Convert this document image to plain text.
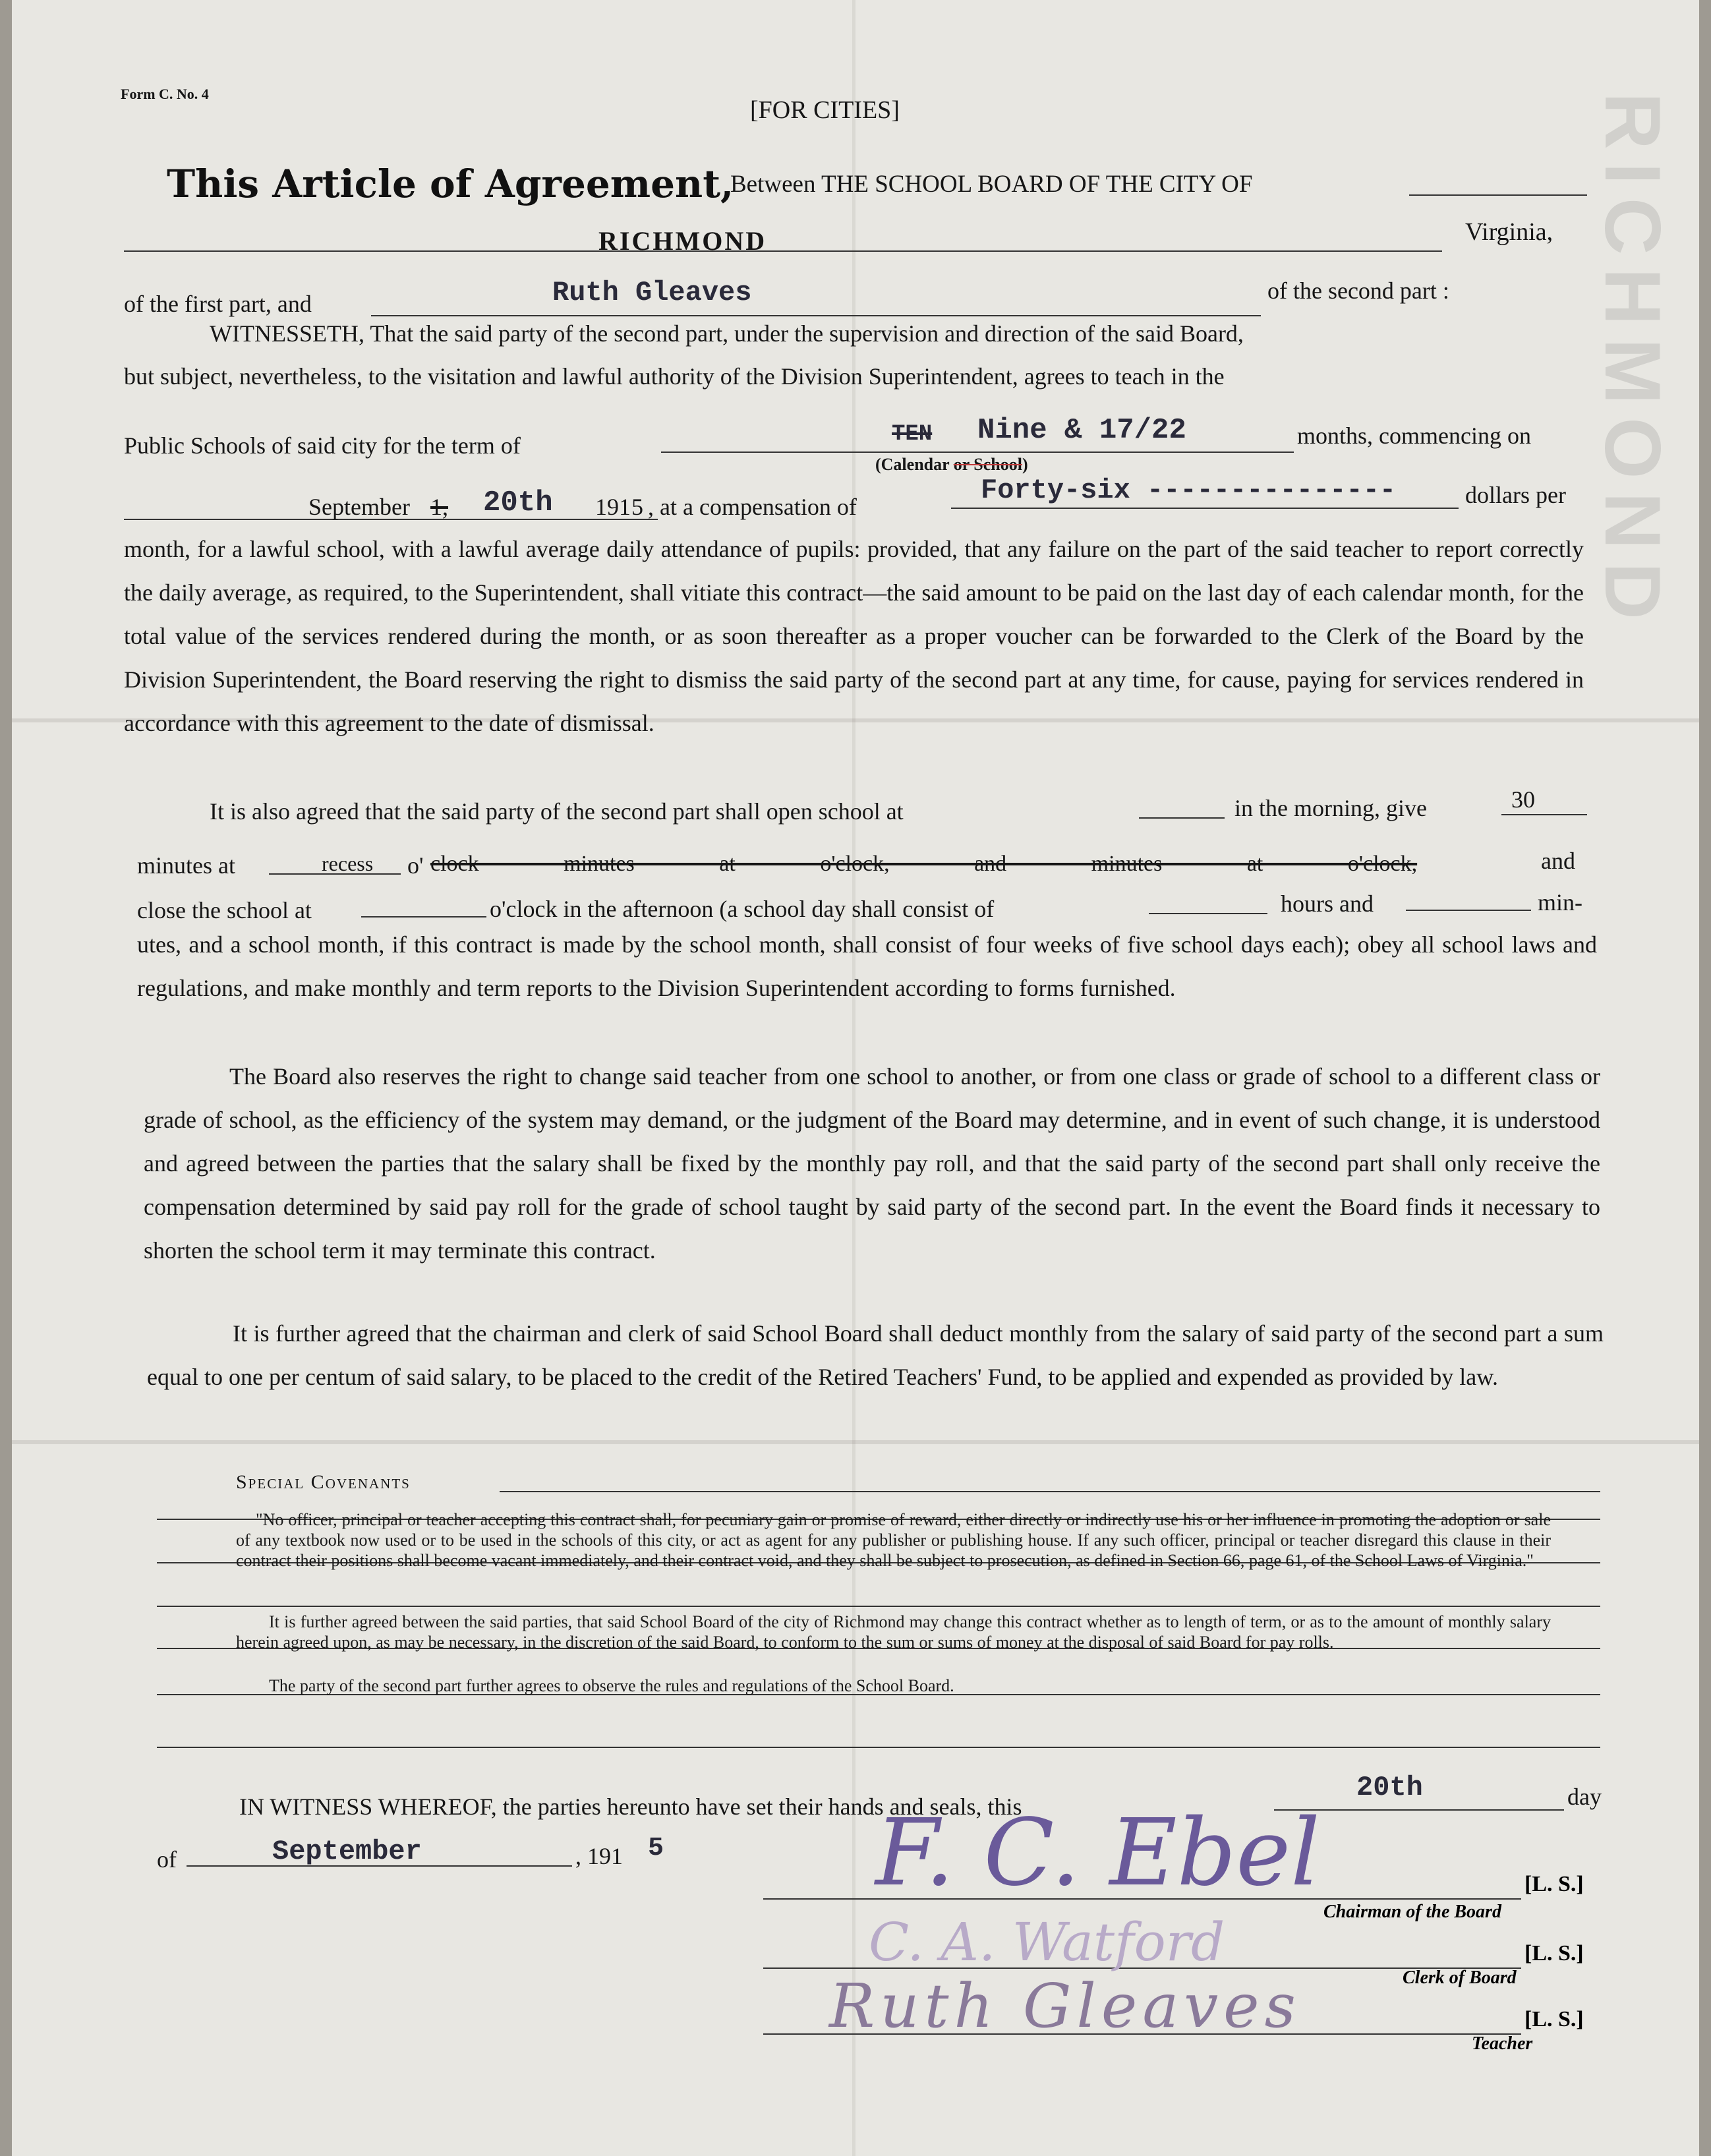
RICHMOND
Form C. No. 4
[FOR CITIES]
This Article of Agreement,
Between THE SCHOOL BOARD OF THE CITY OF
RICHMOND	Virginia,
of the first part, and	Ruth Gleaves	of the second part :
WITNESSETH, That the said party of the second part, under the supervision and direction of the said Board,
but subject, nevertheless, to the visitation and lawful authority of the Division Superintendent, agrees to teach in the
Public Schools of said city for the term of	TEN Nine & 17/22	months, commencing on
(Calendar or School)
September 1, 20th 191 5 , at a compensation of
Forty-six ---------------	dollars per
month, for a lawful school, with a lawful average daily attendance of pupils: provided, that any failure on the part of the said teacher to report correctly the daily average, as required, to the Superintendent, shall vitiate this contract—the said amount to be paid on the last day of each calendar month, for the total value of the services rendered during the month, or as soon thereafter as a proper voucher can be forwarded to the Clerk of the Board by the Division Superintendent, the Board reserving the right to dismiss the said party of the second part at any time, for cause, paying for services rendered in accordance with this agreement to the date of dismissal.
It is also agreed that the said party of the second part shall open school at	in the morning, give	30
minutes at	recess o' clock minutes at o'clock, and minutes at o'clock,	and
close the school at	o'clock in the afternoon (a school day shall consist of	hours and	min-
utes, and a school month, if this contract is made by the school month, shall consist of four weeks of five school days each); obey all school laws and regulations, and make monthly and term reports to the Division Superintendent according to forms furnished.
The Board also reserves the right to change said teacher from one school to another, or from one class or grade of school to a different class or grade of school, as the efficiency of the system may demand, or the judgment of the Board may determine, and in event of such change, it is understood and agreed between the parties that the salary shall be fixed by the monthly pay roll, and that the said party of the second part shall only receive the compensation determined by said pay roll for the grade of school taught by said party of the second part. In the event the Board finds it necessary to shorten the school term it may terminate this contract.
It is further agreed that the chairman and clerk of said School Board shall deduct monthly from the salary of said party of the second part a sum equal to one per centum of said salary, to be placed to the credit of the Retired Teachers' Fund, to be applied and expended as provided by law.
Special Covenants
"No officer, principal or teacher accepting this contract shall, for pecuniary gain or promise of reward, either directly or indirectly use his or her influence in promoting the adoption or sale of any textbook now used or to be used in the schools of this city, or act as agent for any publisher or publishing house. If any such officer, principal or teacher disregard this clause in their contract their positions shall become vacant immediately, and their contract void, and they shall be subject to prosecution, as defined in Section 66, page 61, of the School Laws of Virginia."
It is further agreed between the said parties, that said School Board of the city of Richmond may change this contract whether as to length of term, or as to the amount of monthly salary herein agreed upon, as may be necessary, in the discretion of the said Board, to conform to the sum or sums of money at the disposal of said Board for pay rolls.
The party of the second part further agrees to observe the rules and regulations of the School Board.
IN WITNESS WHEREOF, the parties hereunto have set their hands and seals, this
20th	day
of	September	, 191 5 F. C. Ebel	[L. S.]
Chairman of the Board
C. A. Watford	[L. S.]
Clerk of Board
Ruth Gleaves	[L. S.]
Teacher
